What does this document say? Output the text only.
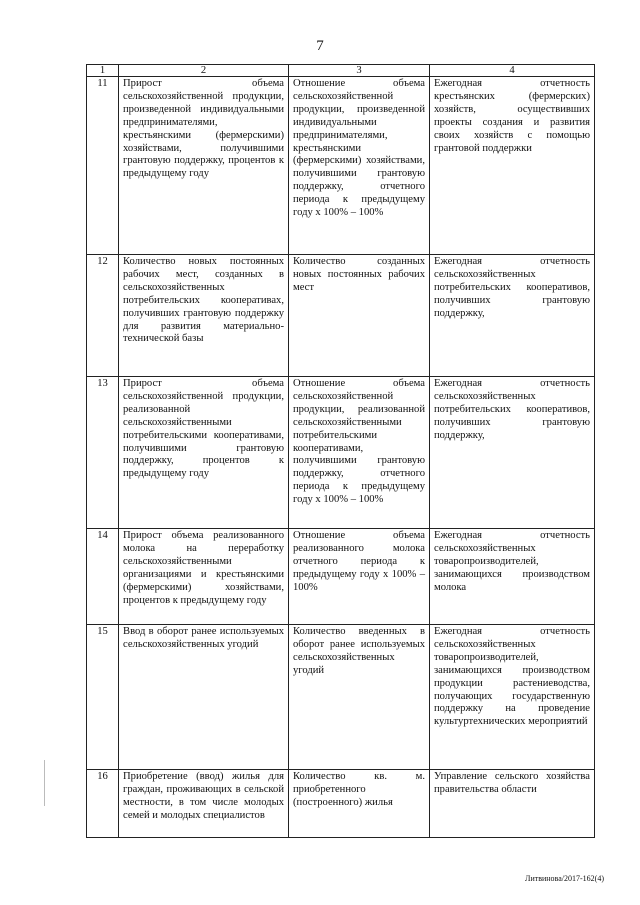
7
1	2	3	4
11	Прирост объема сельскохозяйственной продукции, произведенной индивидуальными предпринимателями, крестьянскими (фермерскими) хозяйствами, получившими грантовую поддержку, процентов к предыдущему году	Отношение объема сельскохозяйственной продукции, произведенной индивидуальными предпринимателями, крестьянскими (фермерскими) хозяйствами, получившими грантовую поддержку, отчетного периода к предыдущему году х 100% – 100%	Ежегодная отчетность крестьянских (фермерских) хозяйств, осуществивших проекты создания и развития своих хозяйств с помощью грантовой поддержки
12	Количество новых постоянных рабочих мест, созданных в сельскохозяйственных потребительских кооперативах, получивших грантовую поддержку для развития материально-технической базы	Количество созданных новых постоянных рабочих мест	Ежегодная отчетность сельскохозяйственных потребительских кооперативов, получивших грантовую поддержку,
13	Прирост объема сельскохозяйственной продукции, реализованной сельскохозяйственными потребительскими кооперативами, получившими грантовую поддержку, процентов к предыдущему году	Отношение объема сельскохозяйственной продукции, реализованной сельскохозяйственными потребительскими кооперативами, получившими грантовую поддержку, отчетного периода к предыдущему году х 100% – 100%	Ежегодная отчетность сельскохозяйственных потребительских кооперативов, получивших грантовую поддержку,
14	Прирост объема реализованного молока на переработку сельскохозяйственными организациями и крестьянскими (фермерскими) хозяйствами, процентов к предыдущему году	Отношение объема реализованного молока отчетного периода к предыдущему году х 100% – 100%	Ежегодная отчетность сельскохозяйственных товаропроизводителей, занимающихся производством молока
15	Ввод в оборот ранее используемых сельскохозяйственных угодий	Количество введенных в оборот ранее используемых сельскохозяйственных угодий	Ежегодная отчетность сельскохозяйственных товаропроизводителей, занимающихся производством продукции растениеводства, получающих государственную поддержку на проведение культуртехнических мероприятий
16	Приобретение (ввод) жилья для граждан, проживающих в сельской местности, в том числе молодых семей и молодых специалистов	Количество кв. м. приобретенного (построенного) жилья	Управление сельского хозяйства правительства области
Литвинова/2017-162(4)
